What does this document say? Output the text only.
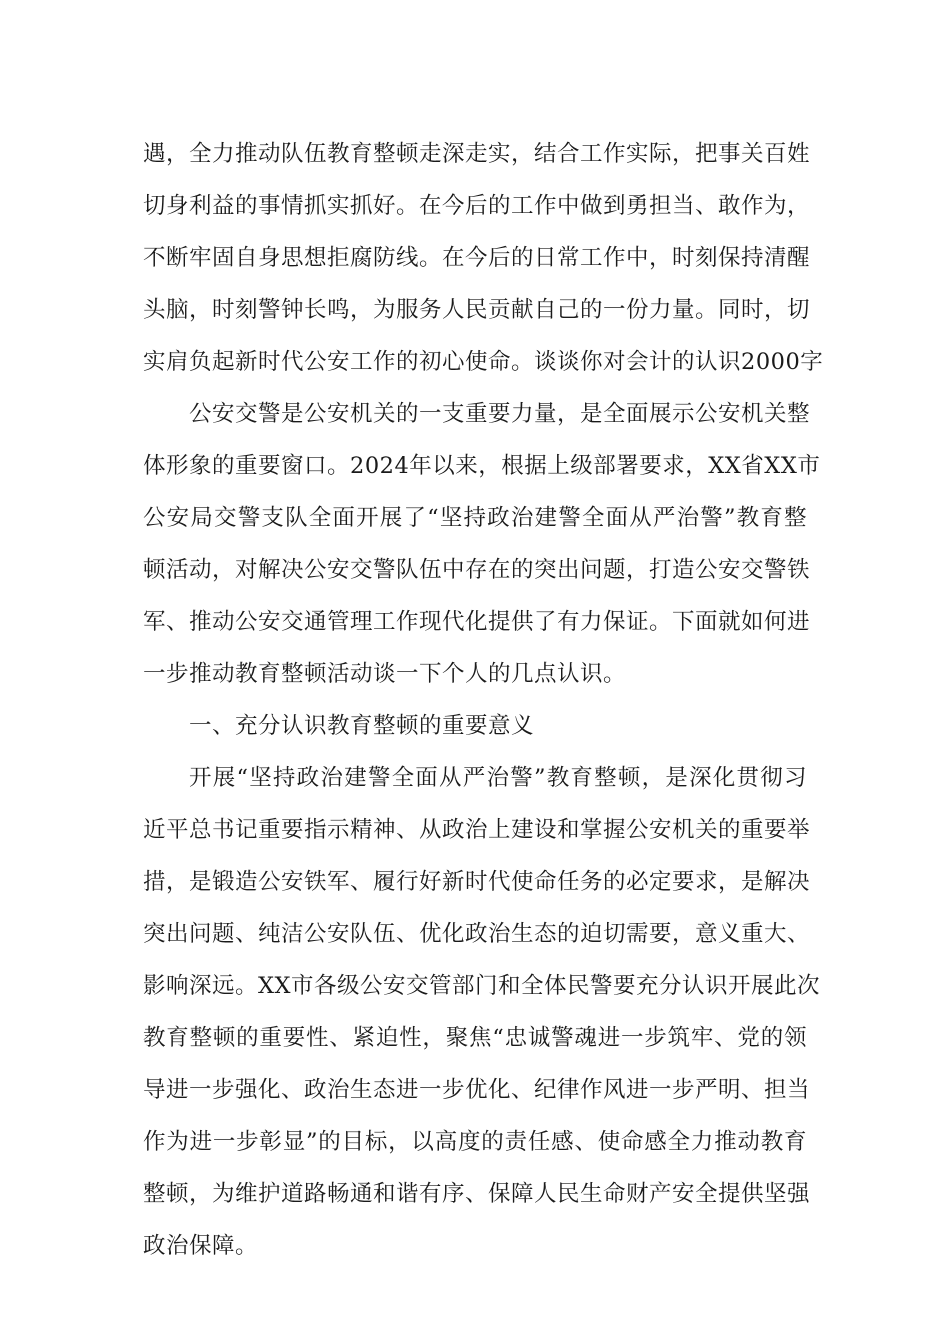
遇，全力推动队伍教育整顿走深走实，结合工作实际，把事关百姓
切身利益的事情抓实抓好。在今后的工作中做到勇担当、敢作为，
不断牢固自身思想拒腐防线。在今后的日常工作中，时刻保持清醒
头脑，时刻警钟长鸣，为服务人民贡献自己的一份力量。同时，切
实肩负起新时代公安工作的初心使命。谈谈你对会计的认识2000字
公安交警是公安机关的一支重要力量，是全面展示公安机关整
体形象的重要窗口。2024年以来，根据上级部署要求，XX省XX市
公安局交警支队全面开展了“坚持政治建警全面从严治警”教育整
顿活动，对解决公安交警队伍中存在的突出问题，打造公安交警铁
军、推动公安交通管理工作现代化提供了有力保证。下面就如何进
一步推动教育整顿活动谈一下个人的几点认识。
一、充分认识教育整顿的重要意义
开展“坚持政治建警全面从严治警”教育整顿，是深化贯彻习
近平总书记重要指示精神、从政治上建设和掌握公安机关的重要举
措，是锻造公安铁军、履行好新时代使命任务的必定要求，是解决
突出问题、纯洁公安队伍、优化政治生态的迫切需要，意义重大、
影响深远。XX市各级公安交管部门和全体民警要充分认识开展此次
教育整顿的重要性、紧迫性，聚焦“忠诚警魂进一步筑牢、党的领
导进一步强化、政治生态进一步优化、纪律作风进一步严明、担当
作为进一步彰显”的目标，以高度的责任感、使命感全力推动教育
整顿，为维护道路畅通和谐有序、保障人民生命财产安全提供坚强
政治保障。
